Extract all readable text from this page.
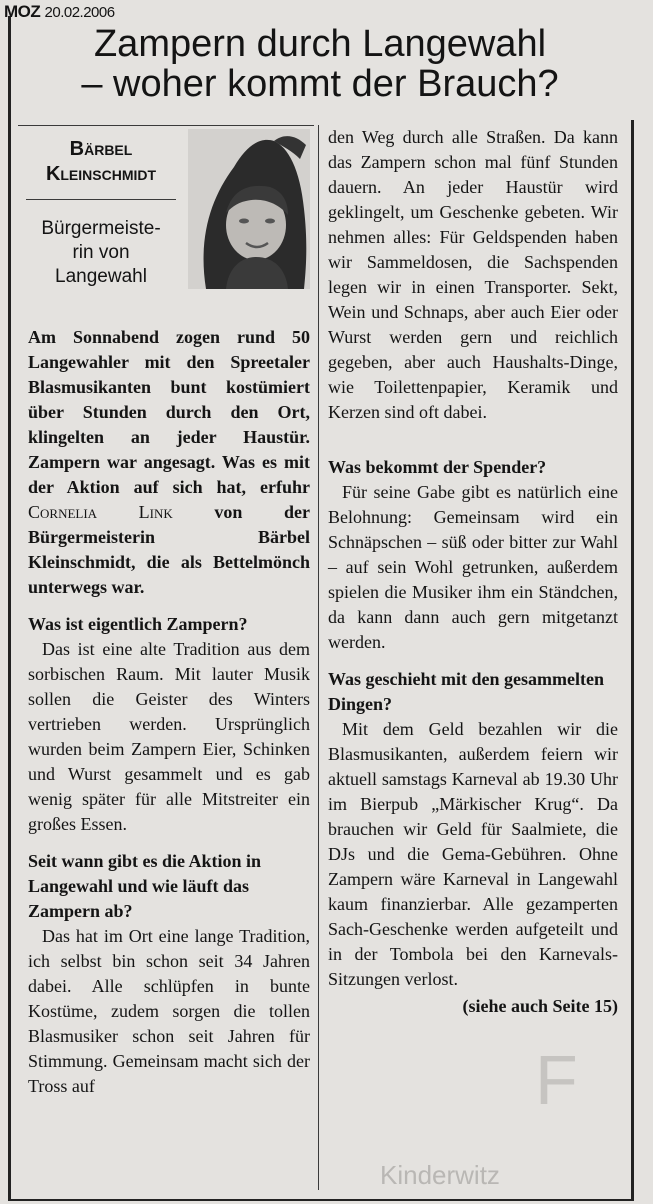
Kinderwitz
F
MOZ 20.02.2006
Zampern durch Langewahl
– woher kommt der Brauch?
Bärbel
Kleinschmidt
Bürgermeiste-
rin von
Langewahl

Am Sonnabend zogen rund 50 Langewahler mit den Spreetaler Blasmusikanten bunt kostümiert über Stunden durch den Ort, klingelten an jeder Haustür. Zampern war angesagt. Was es mit der Aktion auf sich hat, erfuhr Cornelia Link von der Bürgermeisterin Bärbel Kleinschmidt, die als Bettelmönch unterwegs war.

Was ist eigentlich Zampern?

Das ist eine alte Tradition aus dem sorbischen Raum. Mit lauter Musik sollen die Geister des Winters vertrieben werden. Ursprünglich wurden beim Zampern Eier, Schinken und Wurst gesammelt und es gab wenig später für alle Mitstreiter ein großes Essen.

Seit wann gibt es die Aktion in Langewahl und wie läuft das Zampern ab?

Das hat im Ort eine lange Tradition, ich selbst bin schon seit 34 Jahren dabei. Alle schlüpfen in bunte Kostüme, zudem sorgen die tollen Blasmusiker schon seit Jahren für Stimmung. Gemeinsam macht sich der Tross auf

den Weg durch alle Straßen. Da kann das Zampern schon mal fünf Stunden dauern. An jeder Haustür wird geklingelt, um Geschenke gebeten. Wir nehmen alles: Für Geldspenden haben wir Sammeldosen, die Sachspenden legen wir in einen Transporter. Sekt, Wein und Schnaps, aber auch Eier oder Wurst werden gern und reichlich gegeben, aber auch Haushalts-Dinge, wie Toilettenpapier, Keramik und Kerzen sind oft dabei.

Was bekommt der Spender?

Für seine Gabe gibt es natürlich eine Belohnung: Gemeinsam wird ein Schnäpschen – süß oder bitter zur Wahl – auf sein Wohl getrunken, außerdem spielen die Musiker ihm ein Ständchen, da kann dann auch gern mitgetanzt werden.

Was geschieht mit den gesammelten Dingen?

Mit dem Geld bezahlen wir die Blasmusikanten, außerdem feiern wir aktuell samstags Karneval ab 19.30 Uhr im Bierpub „Märkischer Krug“. Da brauchen wir Geld für Saalmiete, die DJs und die Gema-Gebühren. Ohne Zampern wäre Karneval in Langewahl kaum finanzierbar. Alle gezamperten Sach-Geschenke werden aufgeteilt und in der Tombola bei den Karnevals-Sitzungen verlost.

(siehe auch Seite 15)
